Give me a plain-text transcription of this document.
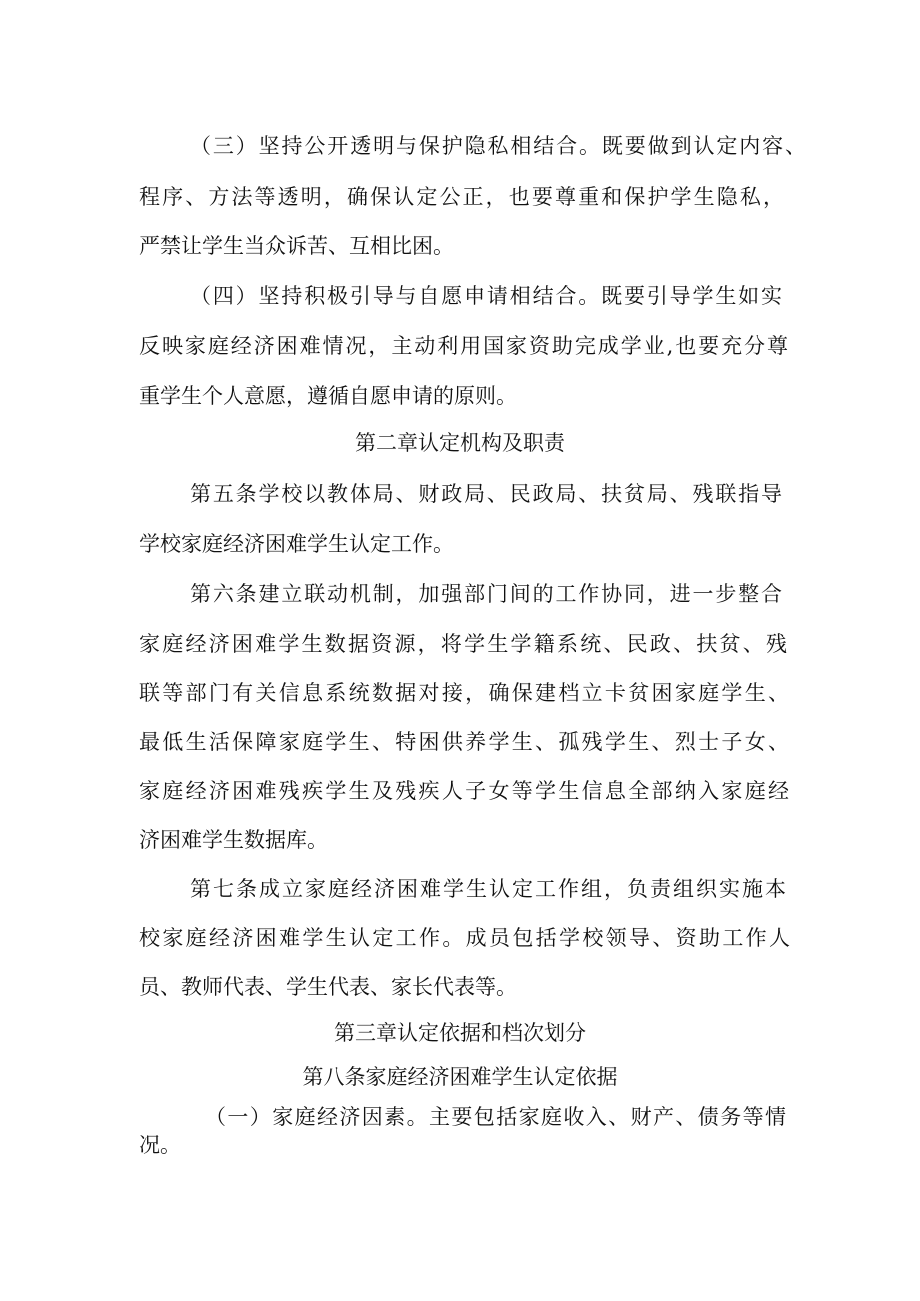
（三）坚持公开透明与保护隐私相结合。既要做到认定内容、
程序、方法等透明，确保认定公正，也要尊重和保护学生隐私，
严禁让学生当众诉苦、互相比困。
（四）坚持积极引导与自愿申请相结合。既要引导学生如实
反映家庭经济困难情况，主动利用国家资助完成学业,也要充分尊
重学生个人意愿，遵循自愿申请的原则。
第二章认定机构及职责
第五条学校以教体局、财政局、民政局、扶贫局、残联指导
学校家庭经济困难学生认定工作。
第六条建立联动机制，加强部门间的工作协同，进一步整合
家庭经济困难学生数据资源，将学生学籍系统、民政、扶贫、残
联等部门有关信息系统数据对接，确保建档立卡贫困家庭学生、
最低生活保障家庭学生、特困供养学生、孤残学生、烈士子女、
家庭经济困难残疾学生及残疾人子女等学生信息全部纳入家庭经
济困难学生数据库。
第七条成立家庭经济困难学生认定工作组，负责组织实施本
校家庭经济困难学生认定工作。成员包括学校领导、资助工作人
员、教师代表、学生代表、家长代表等。
第三章认定依据和档次划分
第八条家庭经济困难学生认定依据
（一）家庭经济因素。主要包括家庭收入、财产、债务等情
况。
